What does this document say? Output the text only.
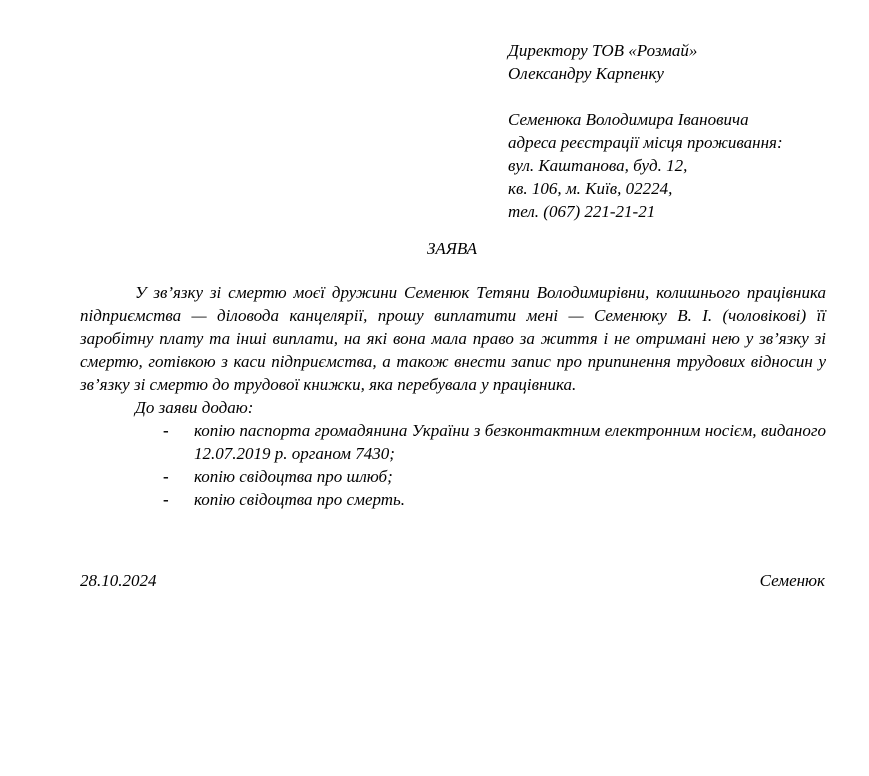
Директору ТОВ «Розмай»
Олександру Карпенку
Семенюка Володимира Івановича
адреса реєстрації місця проживання:
вул. Каштанова, буд. 12,
кв. 106, м. Київ, 02224,
тел. (067) 221-21-21
ЗАЯВА

У зв’язку зі смертю моєї дружини Семенюк Тетяни Володимирівни, колишнього працівника підприємства — діловода канцелярії, прошу виплатити мені — Семенюку В. І. (чоловікові) її заробітну плату та інші виплати, на які вона мала право за життя і не отримані нею у зв’язку зі смертю, готівкою з каси підприємства, а також внести запис про припинення трудових відносин у зв’язку зі смертю до трудової книжки, яка перебувала у працівника.

До заяви додаю:

- копію паспорта громадянина України з безконтактним електронним носієм, виданого 12.07.2019 р. органом 7430;
- копію свідоцтва про шлюб;
- копію свідоцтва про смерть.
28.10.2024	Семенюк
